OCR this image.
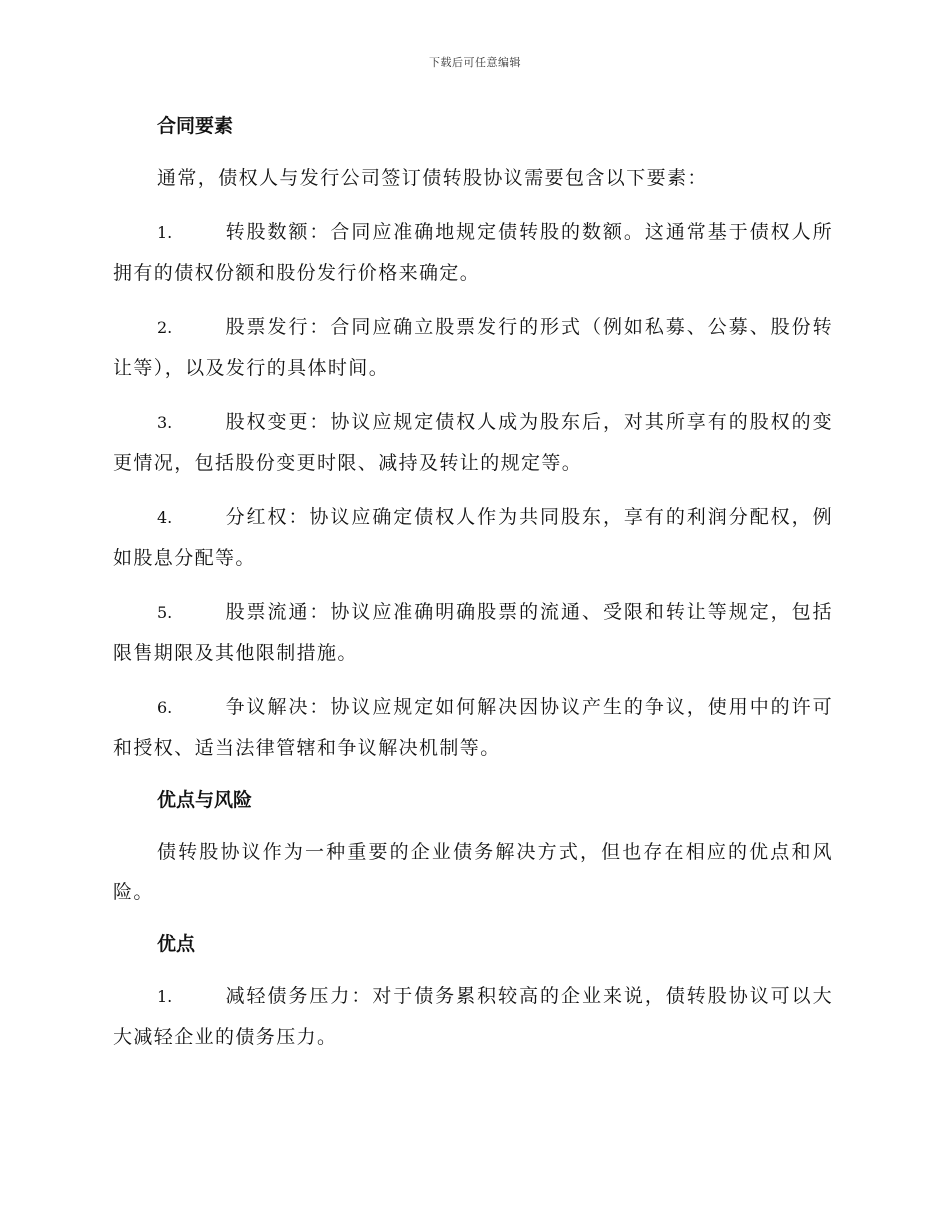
下载后可任意编辑
合同要素
通常，债权人与发行公司签订债转股协议需要包含以下要素：
1.	转股数额：合同应准确地规定债转股的数额。这通常基于债权人所拥有的债权份额和股份发行价格来确定。
2.	股票发行：合同应确立股票发行的形式（例如私募、公募、股份转让等），以及发行的具体时间。
3.	股权变更：协议应规定债权人成为股东后，对其所享有的股权的变更情况，包括股份变更时限、减持及转让的规定等。
4.	分红权：协议应确定债权人作为共同股东，享有的利润分配权，例如股息分配等。
5.	股票流通：协议应准确明确股票的流通、受限和转让等规定，包括限售期限及其他限制措施。
6.	争议解决：协议应规定如何解决因协议产生的争议，使用中的许可和授权、适当法律管辖和争议解决机制等。
优点与风险
债转股协议作为一种重要的企业债务解决方式，但也存在相应的优点和风险。
优点
1.	减轻债务压力：对于债务累积较高的企业来说，债转股协议可以大大减轻企业的债务压力。
